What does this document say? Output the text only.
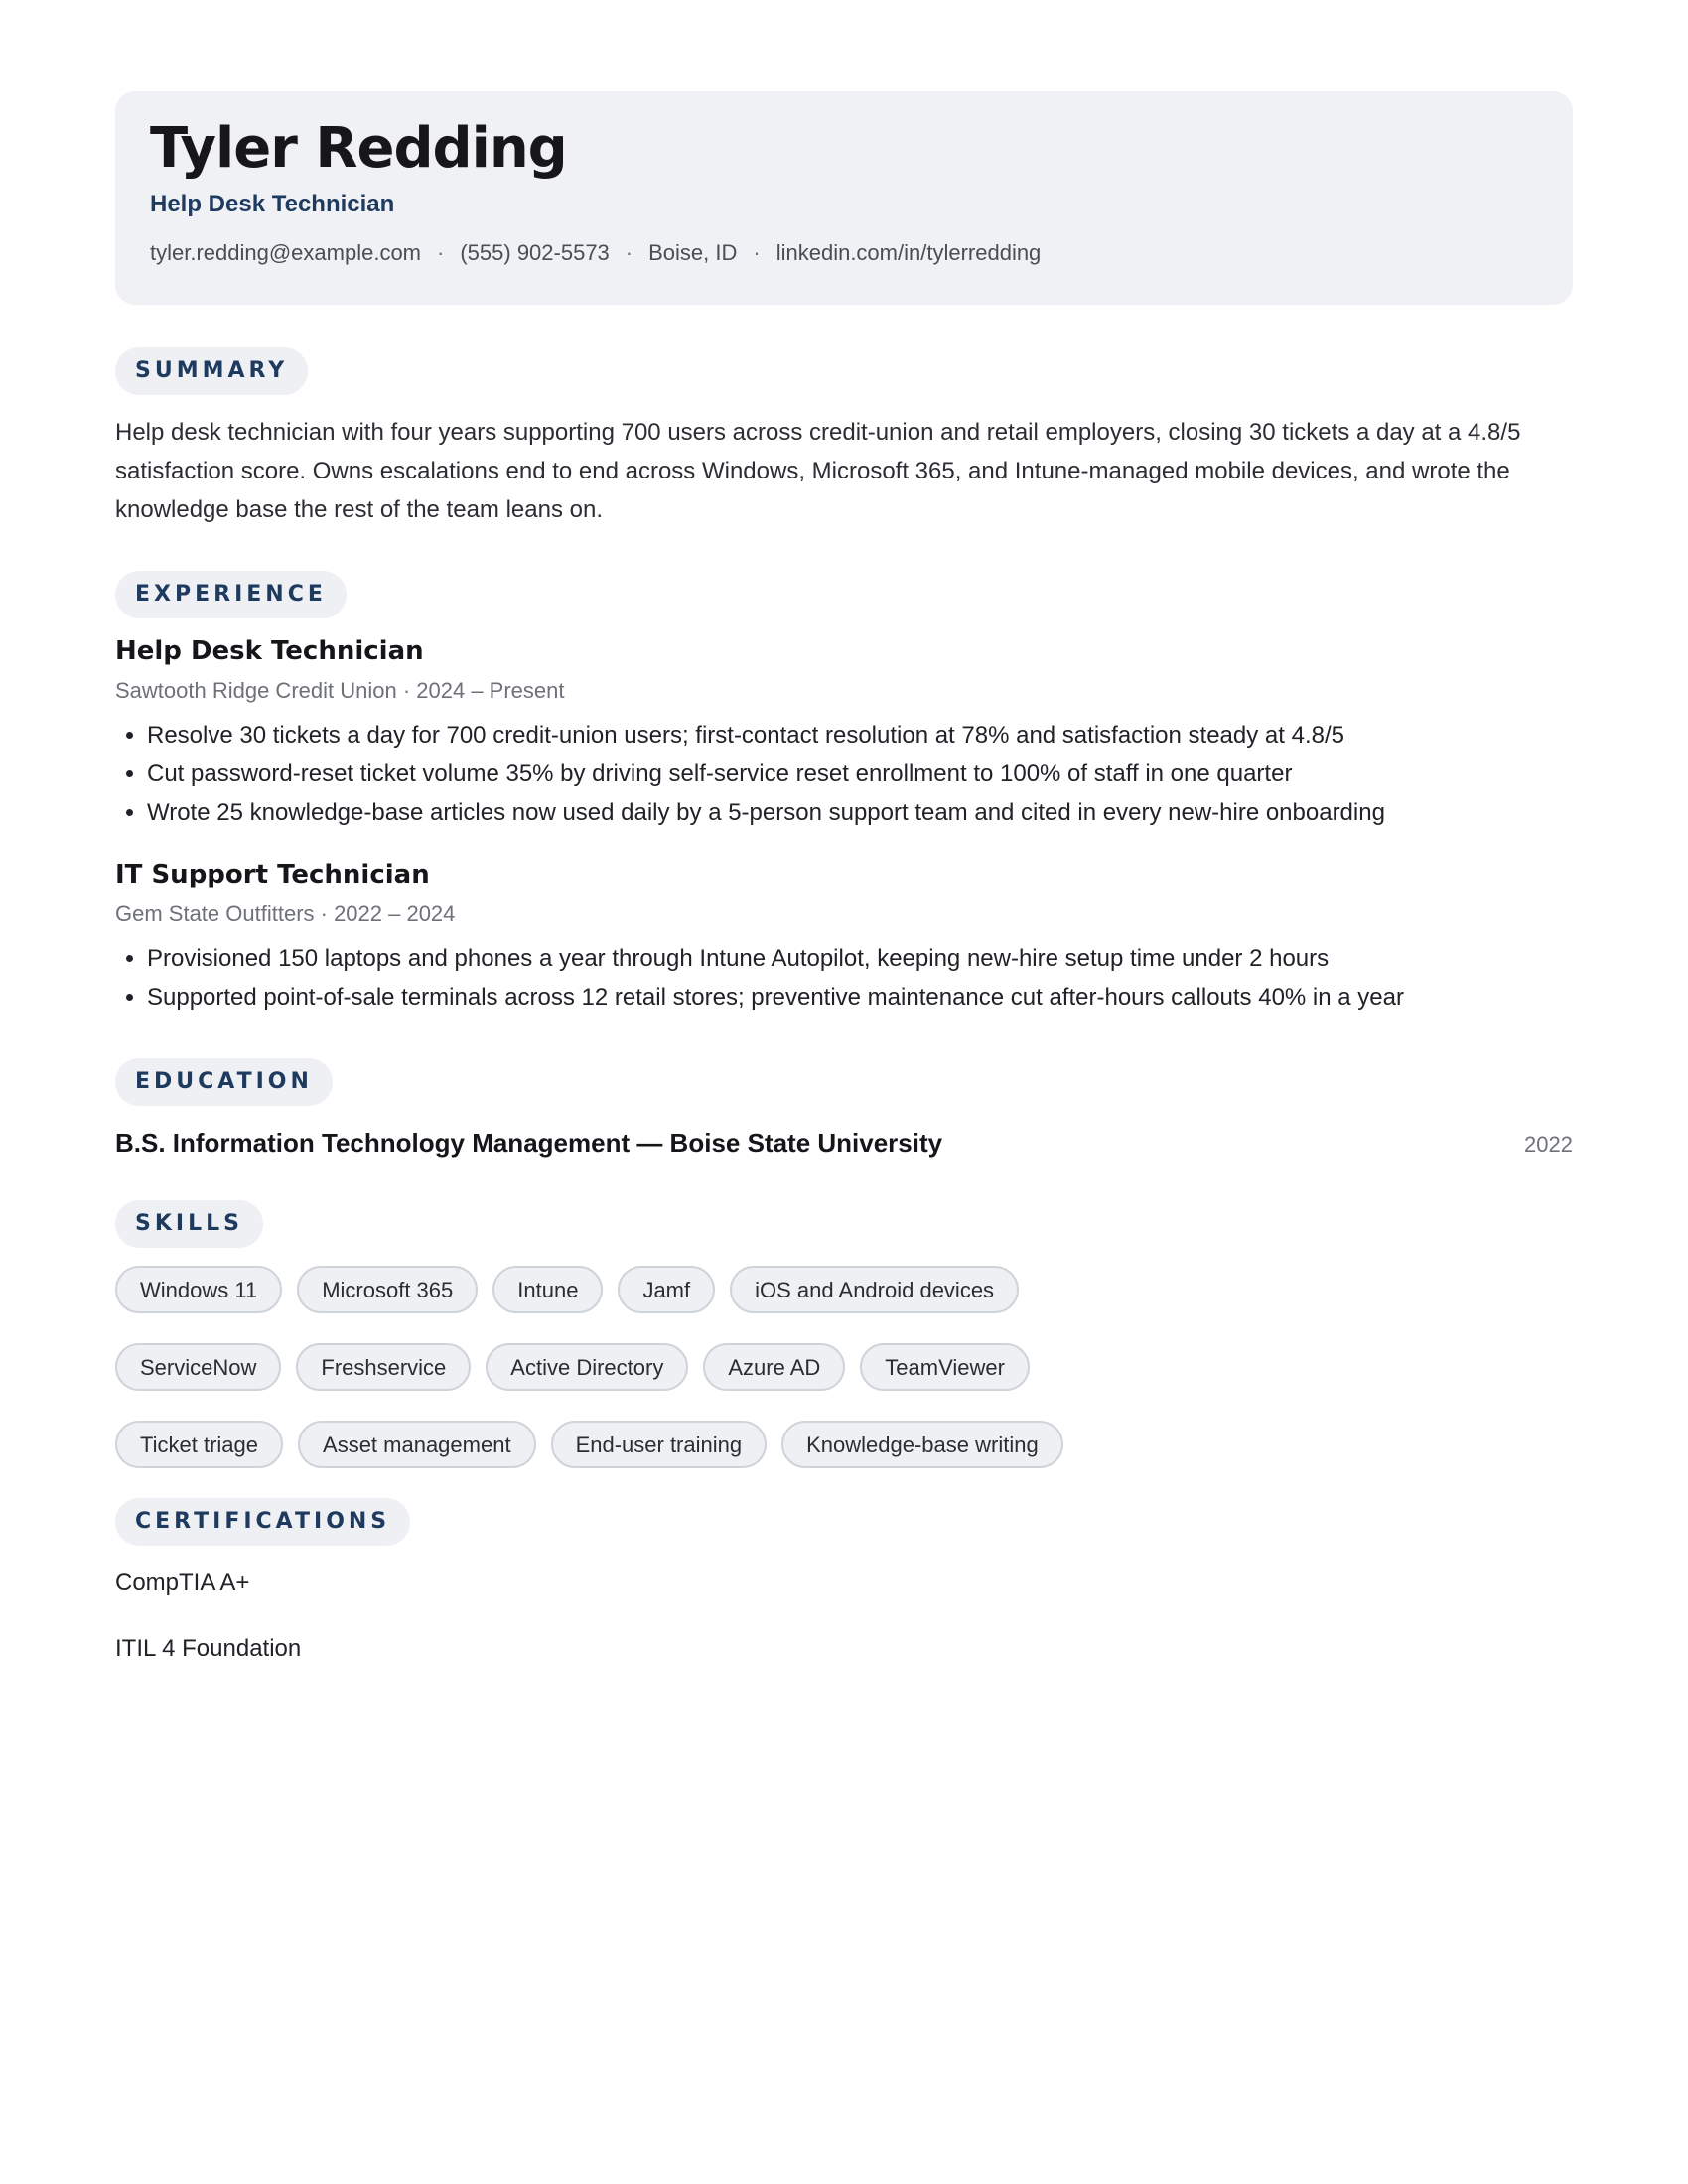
Tyler Redding
Help Desk Technician
tyler.redding@example.com · (555) 902-5573 · Boise, ID · linkedin.com/in/tylerredding
SUMMARY
Help desk technician with four years supporting 700 users across credit-union and retail employers, closing 30 tickets a day at a 4.8/5 satisfaction score. Owns escalations end to end across Windows, Microsoft 365, and Intune-managed mobile devices, and wrote the knowledge base the rest of the team leans on.
EXPERIENCE
Help Desk Technician
Sawtooth Ridge Credit Union · 2024 – Present
• Resolve 30 tickets a day for 700 credit-union users; first-contact resolution at 78% and satisfaction steady at 4.8/5
• Cut password-reset ticket volume 35% by driving self-service reset enrollment to 100% of staff in one quarter
• Wrote 25 knowledge-base articles now used daily by a 5-person support team and cited in every new-hire onboarding
IT Support Technician
Gem State Outfitters · 2022 – 2024
• Provisioned 150 laptops and phones a year through Intune Autopilot, keeping new-hire setup time under 2 hours
• Supported point-of-sale terminals across 12 retail stores; preventive maintenance cut after-hours callouts 40% in a year
EDUCATION
B.S. Information Technology Management — Boise State University	2022
SKILLS
Windows 11	Microsoft 365	Intune	Jamf	iOS and Android devices
ServiceNow	Freshservice	Active Directory	Azure AD	TeamViewer
Ticket triage	Asset management	End-user training	Knowledge-base writing
CERTIFICATIONS
CompTIA A+
ITIL 4 Foundation
